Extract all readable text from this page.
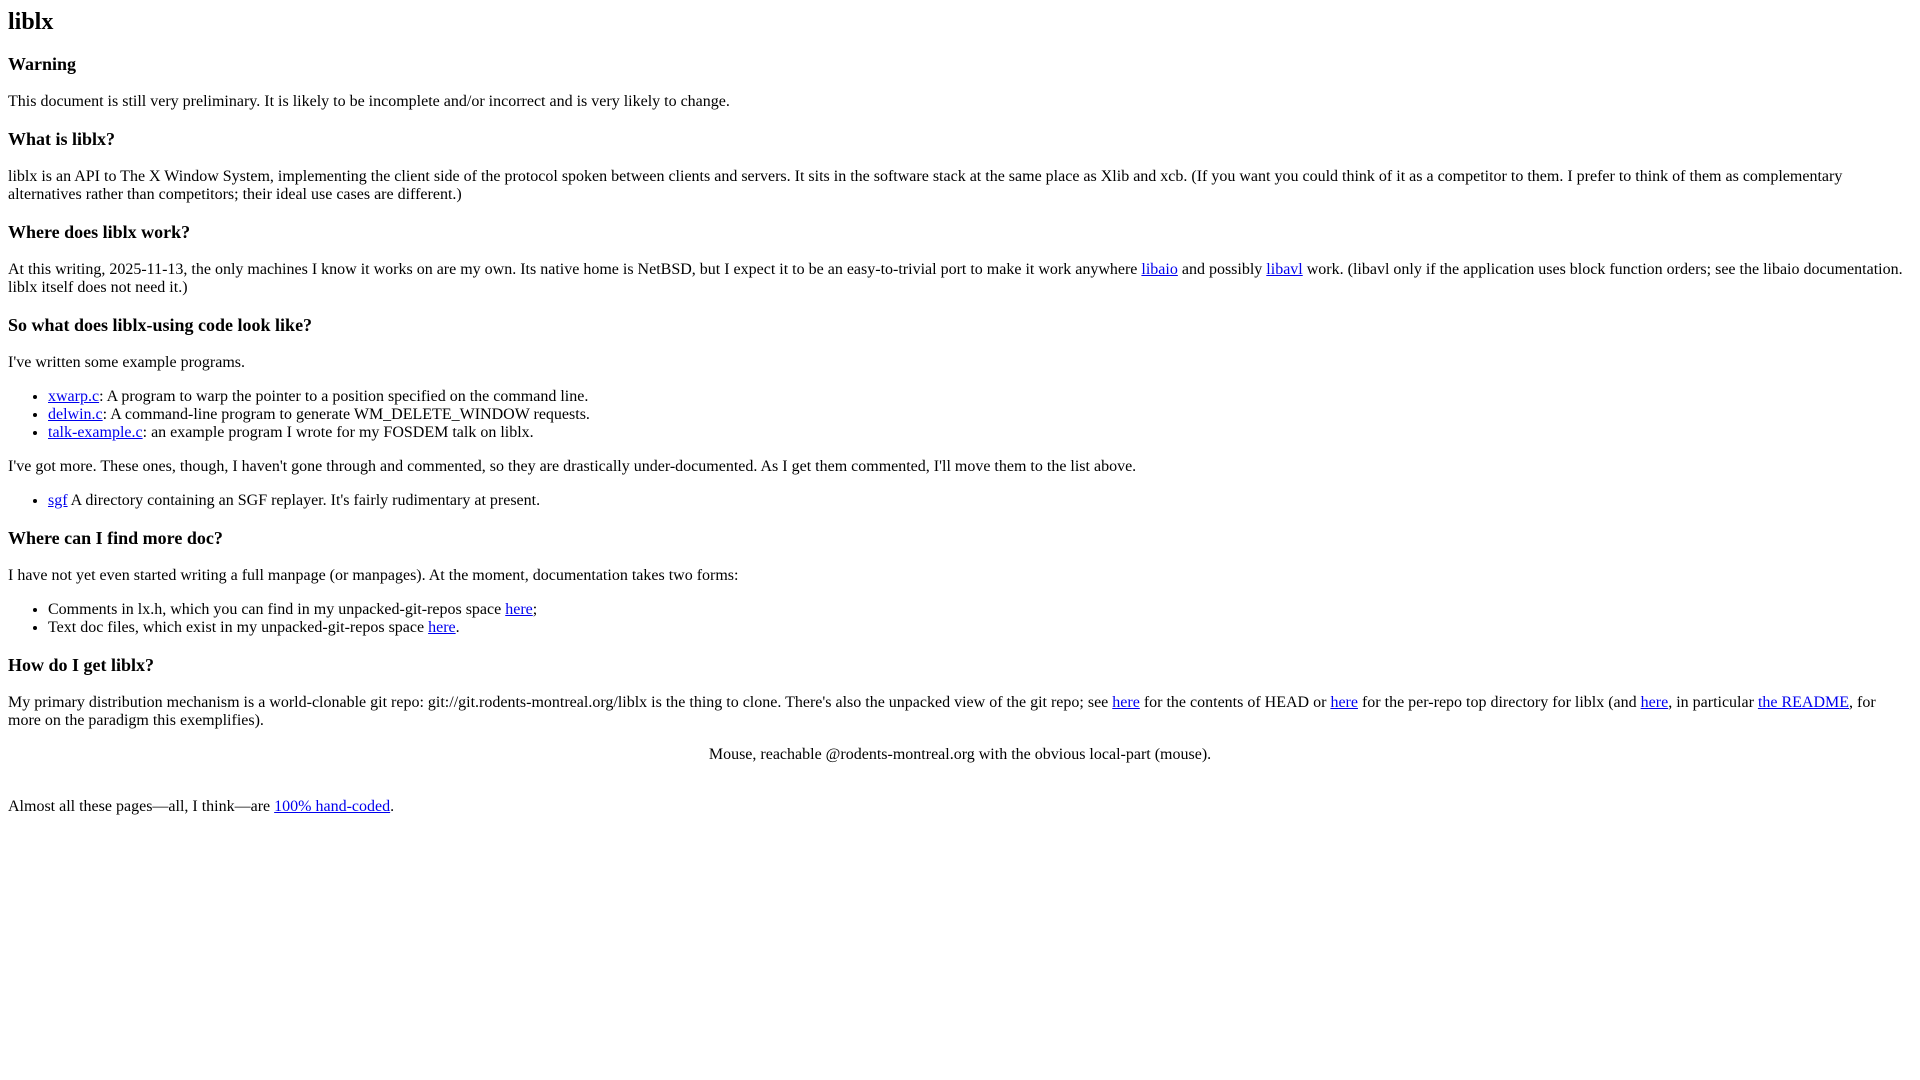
liblx
Warning

This document is still very preliminary. It is likely to be incomplete and/or incorrect and is very likely to change.

What is liblx?

liblx is an API to The X Window System, implementing the client side of the protocol spoken between clients and servers. It sits in the software stack at the same place as Xlib and xcb. (If you want you could think of it as a competitor to them. I prefer to think of them as complementary alternatives rather than competitors; their ideal use cases are different.)

Where does liblx work?

At this writing, 2025-11-13, the only machines I know it works on are my own. Its native home is NetBSD, but I expect it to be an easy-to-trivial port to make it work anywhere libaio and possibly libavl work. (libavl only if the application uses block function orders; see the libaio documentation. liblx itself does not need it.)

So what does liblx-using code look like?

I've written some example programs.

• xwarp.c: A program to warp the pointer to a position specified on the command line.
• delwin.c: A command-line program to generate WM_DELETE_WINDOW requests.
• talk-example.c: an example program I wrote for my FOSDEM talk on liblx.

I've got more. These ones, though, I haven't gone through and commented, so they are drastically under-documented. As I get them commented, I'll move them to the list above.

• sgf A directory containing an SGF replayer. It's fairly rudimentary at present.
Where can I find more doc?

I have not yet even started writing a full manpage (or manpages). At the moment, documentation takes two forms:

• Comments in lx.h, which you can find in my unpacked-git-repos space here;
• Text doc files, which exist in my unpacked-git-repos space here.
How do I get liblx?

My primary distribution mechanism is a world-clonable git repo: git://git.rodents-montreal.org/liblx is the thing to clone. There's also the unpacked view of the git repo; see here for the contents of HEAD or here for the per-repo top directory for liblx (and here, in particular the README, for more on the paradigm this exemplifies).

Mouse, reachable @rodents-montreal.org with the obvious local-part (mouse).

Almost all these pages—all, I think—are 100% hand-coded.
